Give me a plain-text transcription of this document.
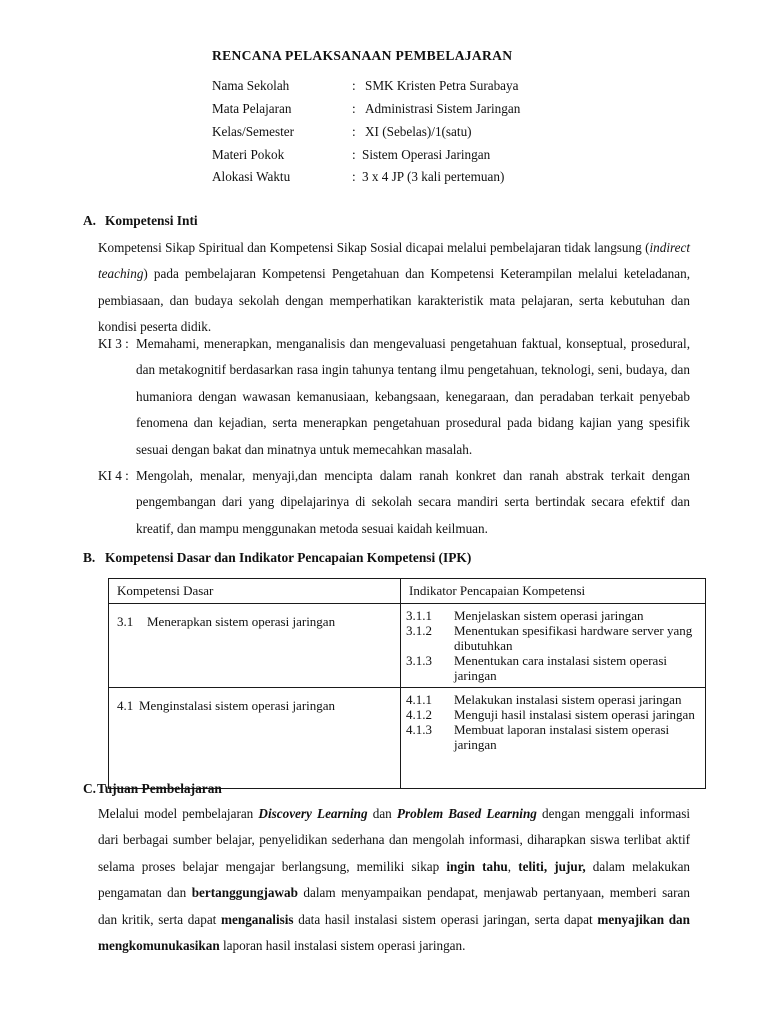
RENCANA PELAKSANAAN PEMBELAJARAN
Nama Sekolah	:	SMK Kristen Petra Surabaya
Mata Pelajaran	:	Administrasi Sistem Jaringan
Kelas/Semester	:	XI (Sebelas)/1(satu)
Materi Pokok	:	Sistem Operasi Jaringan
Alokasi Waktu	:	3 x 4 JP (3 kali pertemuan)
A. Kompetensi Inti
Kompetensi Sikap Spiritual dan Kompetensi Sikap Sosial dicapai melalui pembelajaran tidak langsung (indirect teaching) pada pembelajaran Kompetensi Pengetahuan dan Kompetensi Keterampilan melalui keteladanan, pembiasaan, dan budaya sekolah dengan memperhatikan karakteristik mata pelajaran, serta kebutuhan dan kondisi peserta didik.
KI 3 : Memahami, menerapkan, menganalisis dan mengevaluasi pengetahuan faktual, konseptual, prosedural, dan metakognitif berdasarkan rasa ingin tahunya tentang ilmu pengetahuan, teknologi, seni, budaya, dan humaniora dengan wawasan kemanusiaan, kebangsaan, kenegaraan, dan peradaban terkait penyebab fenomena dan kejadian, serta menerapkan pengetahuan prosedural pada bidang kajian yang spesifik sesuai dengan bakat dan minatnya untuk memecahkan masalah.
KI 4 : Mengolah, menalar, menyaji,dan mencipta dalam ranah konkret dan ranah abstrak terkait dengan pengembangan dari yang dipelajarinya di sekolah secara mandiri serta bertindak secara efektif dan kreatif, dan mampu menggunakan metoda sesuai kaidah keilmuan.
B. Kompetensi Dasar dan Indikator Pencapaian Kompetensi (IPK)
Kompetensi Dasar	Indikator Pencapaian Kompetensi

3.1	Menerapkan sistem operasi jaringan	3.1.1	Menjelaskan sistem operasi jaringan
3.1.2	Menentukan spesifikasi hardware server yang dibutuhkan
3.1.3	Menentukan cara instalasi sistem operasi jaringan

4.1 Menginstalasi sistem operasi jaringan	4.1.1	Melakukan instalasi sistem operasi jaringan
4.1.2	Menguji hasil instalasi sistem operasi jaringan
4.1.3	Membuat laporan instalasi sistem operasi jaringan
C.Tujuan Pembelajaran
Melalui model pembelajaran Discovery Learning dan Problem Based Learning dengan menggali informasi dari berbagai sumber belajar, penyelidikan sederhana dan mengolah informasi, diharapkan siswa terlibat aktif selama proses belajar mengajar berlangsung, memiliki sikap ingin tahu, teliti, jujur, dalam melakukan pengamatan dan bertanggungjawab dalam menyampaikan pendapat, menjawab pertanyaan, memberi saran dan kritik, serta dapat menganalisis data hasil instalasi sistem operasi jaringan, serta dapat menyajikan dan mengkomunukasikan laporan hasil instalasi sistem operasi jaringan.
